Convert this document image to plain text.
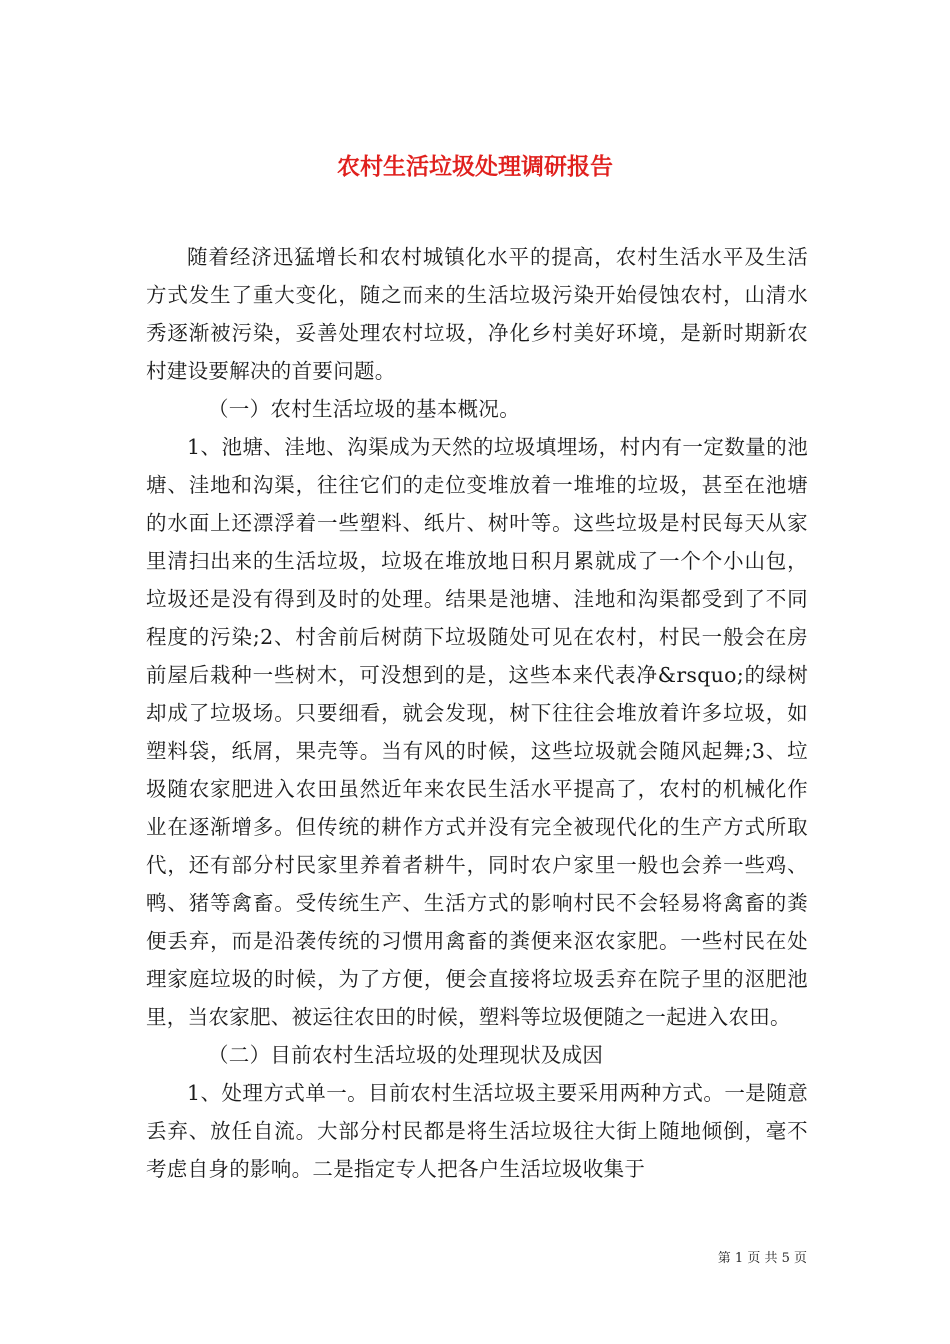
农村生活垃圾处理调研报告

随着经济迅猛增长和农村城镇化水平的提高，农村生活水平及生活方式发生了重大变化，随之而来的生活垃圾污染开始侵蚀农村，山清水秀逐渐被污染，妥善处理农村垃圾，净化乡村美好环境，是新时期新农村建设要解决的首要问题。

（一）农村生活垃圾的基本概况。

1、池塘、洼地、沟渠成为天然的垃圾填埋场，村内有一定数量的池塘、洼地和沟渠，往往它们的走位变堆放着一堆堆的垃圾，甚至在池塘的水面上还漂浮着一些塑料、纸片、树叶等。这些垃圾是村民每天从家里清扫出来的生活垃圾，垃圾在堆放地日积月累就成了一个个小山包，垃圾还是没有得到及时的处理。结果是池塘、洼地和沟渠都受到了不同程度的污染;2、村舍前后树荫下垃圾随处可见在农村，村民一般会在房前屋后栽种一些树木，可没想到的是，这些本来代表净&rsquo;的绿树却成了垃圾场。只要细看，就会发现，树下往往会堆放着许多垃圾，如塑料袋，纸屑，果壳等。当有风的时候，这些垃圾就会随风起舞;3、垃圾随农家肥进入农田虽然近年来农民生活水平提高了，农村的机械化作业在逐渐增多。但传统的耕作方式并没有完全被现代化的生产方式所取代，还有部分村民家里养着者耕牛，同时农户家里一般也会养一些鸡、鸭、猪等禽畜。受传统生产、生活方式的影响村民不会轻易将禽畜的粪便丢弃，而是沿袭传统的习惯用禽畜的粪便来沤农家肥。一些村民在处理家庭垃圾的时候，为了方便，便会直接将垃圾丢弃在院子里的沤肥池里，当农家肥、被运往农田的时候，塑料等垃圾便随之一起进入农田。

（二）目前农村生活垃圾的处理现状及成因

1、处理方式单一。目前农村生活垃圾主要采用两种方式。一是随意丢弃、放任自流。大部分村民都是将生活垃圾往大街上随地倾倒，毫不考虑自身的影响。二是指定专人把各户生活垃圾收集于

第 1 页 共 5 页
